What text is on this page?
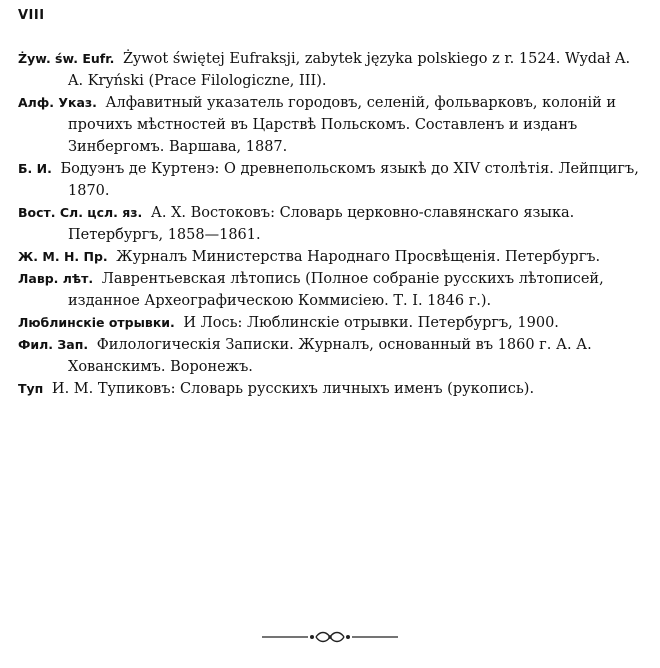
VIII

Żyw. św. Eufr. Żywot świętej Eufraksji, zabytek języka polskiego z r. 1524. Wydał A. A. Kryński (Prace Filologiczne, III).

Алф. Указ. Алфавитный указатель городовъ, селеній, фольварковъ, колоній и прочихъ мѣстностей въ Царствѣ Польскомъ. Составленъ и изданъ Зинбергомъ. Варшава, 1887.

Б. И. Бодуэнъ де Куртенэ: О древнепольскомъ языкѣ до XIV столѣтія. Лейпцигъ, 1870.

Вост. Сл. цсл. яз. А. Х. Востоковъ: Словарь церковно-славянскаго языка. Петербургъ, 1858—1861.

Ж. М. Н. Пр. Журналъ Министерства Народнаго Просвѣщенія. Петербургъ.

Лавр. лѣт. Лаврентьевская лѣтопись (Полное собраніе русскихъ лѣтописей, изданное Археографическою Коммисіею. Т. I. 1846 г.).

Люблинскіе отрывки. И Лось: Люблинскіе отрывки. Петербургъ, 1900.

Фил. Зап. Филологическія Записки. Журналъ, основанный въ 1860 г. А. А. Хованскимъ. Воронежъ.

Туп И. М. Тупиковъ: Словарь русскихъ личныхъ именъ (рукопись).
